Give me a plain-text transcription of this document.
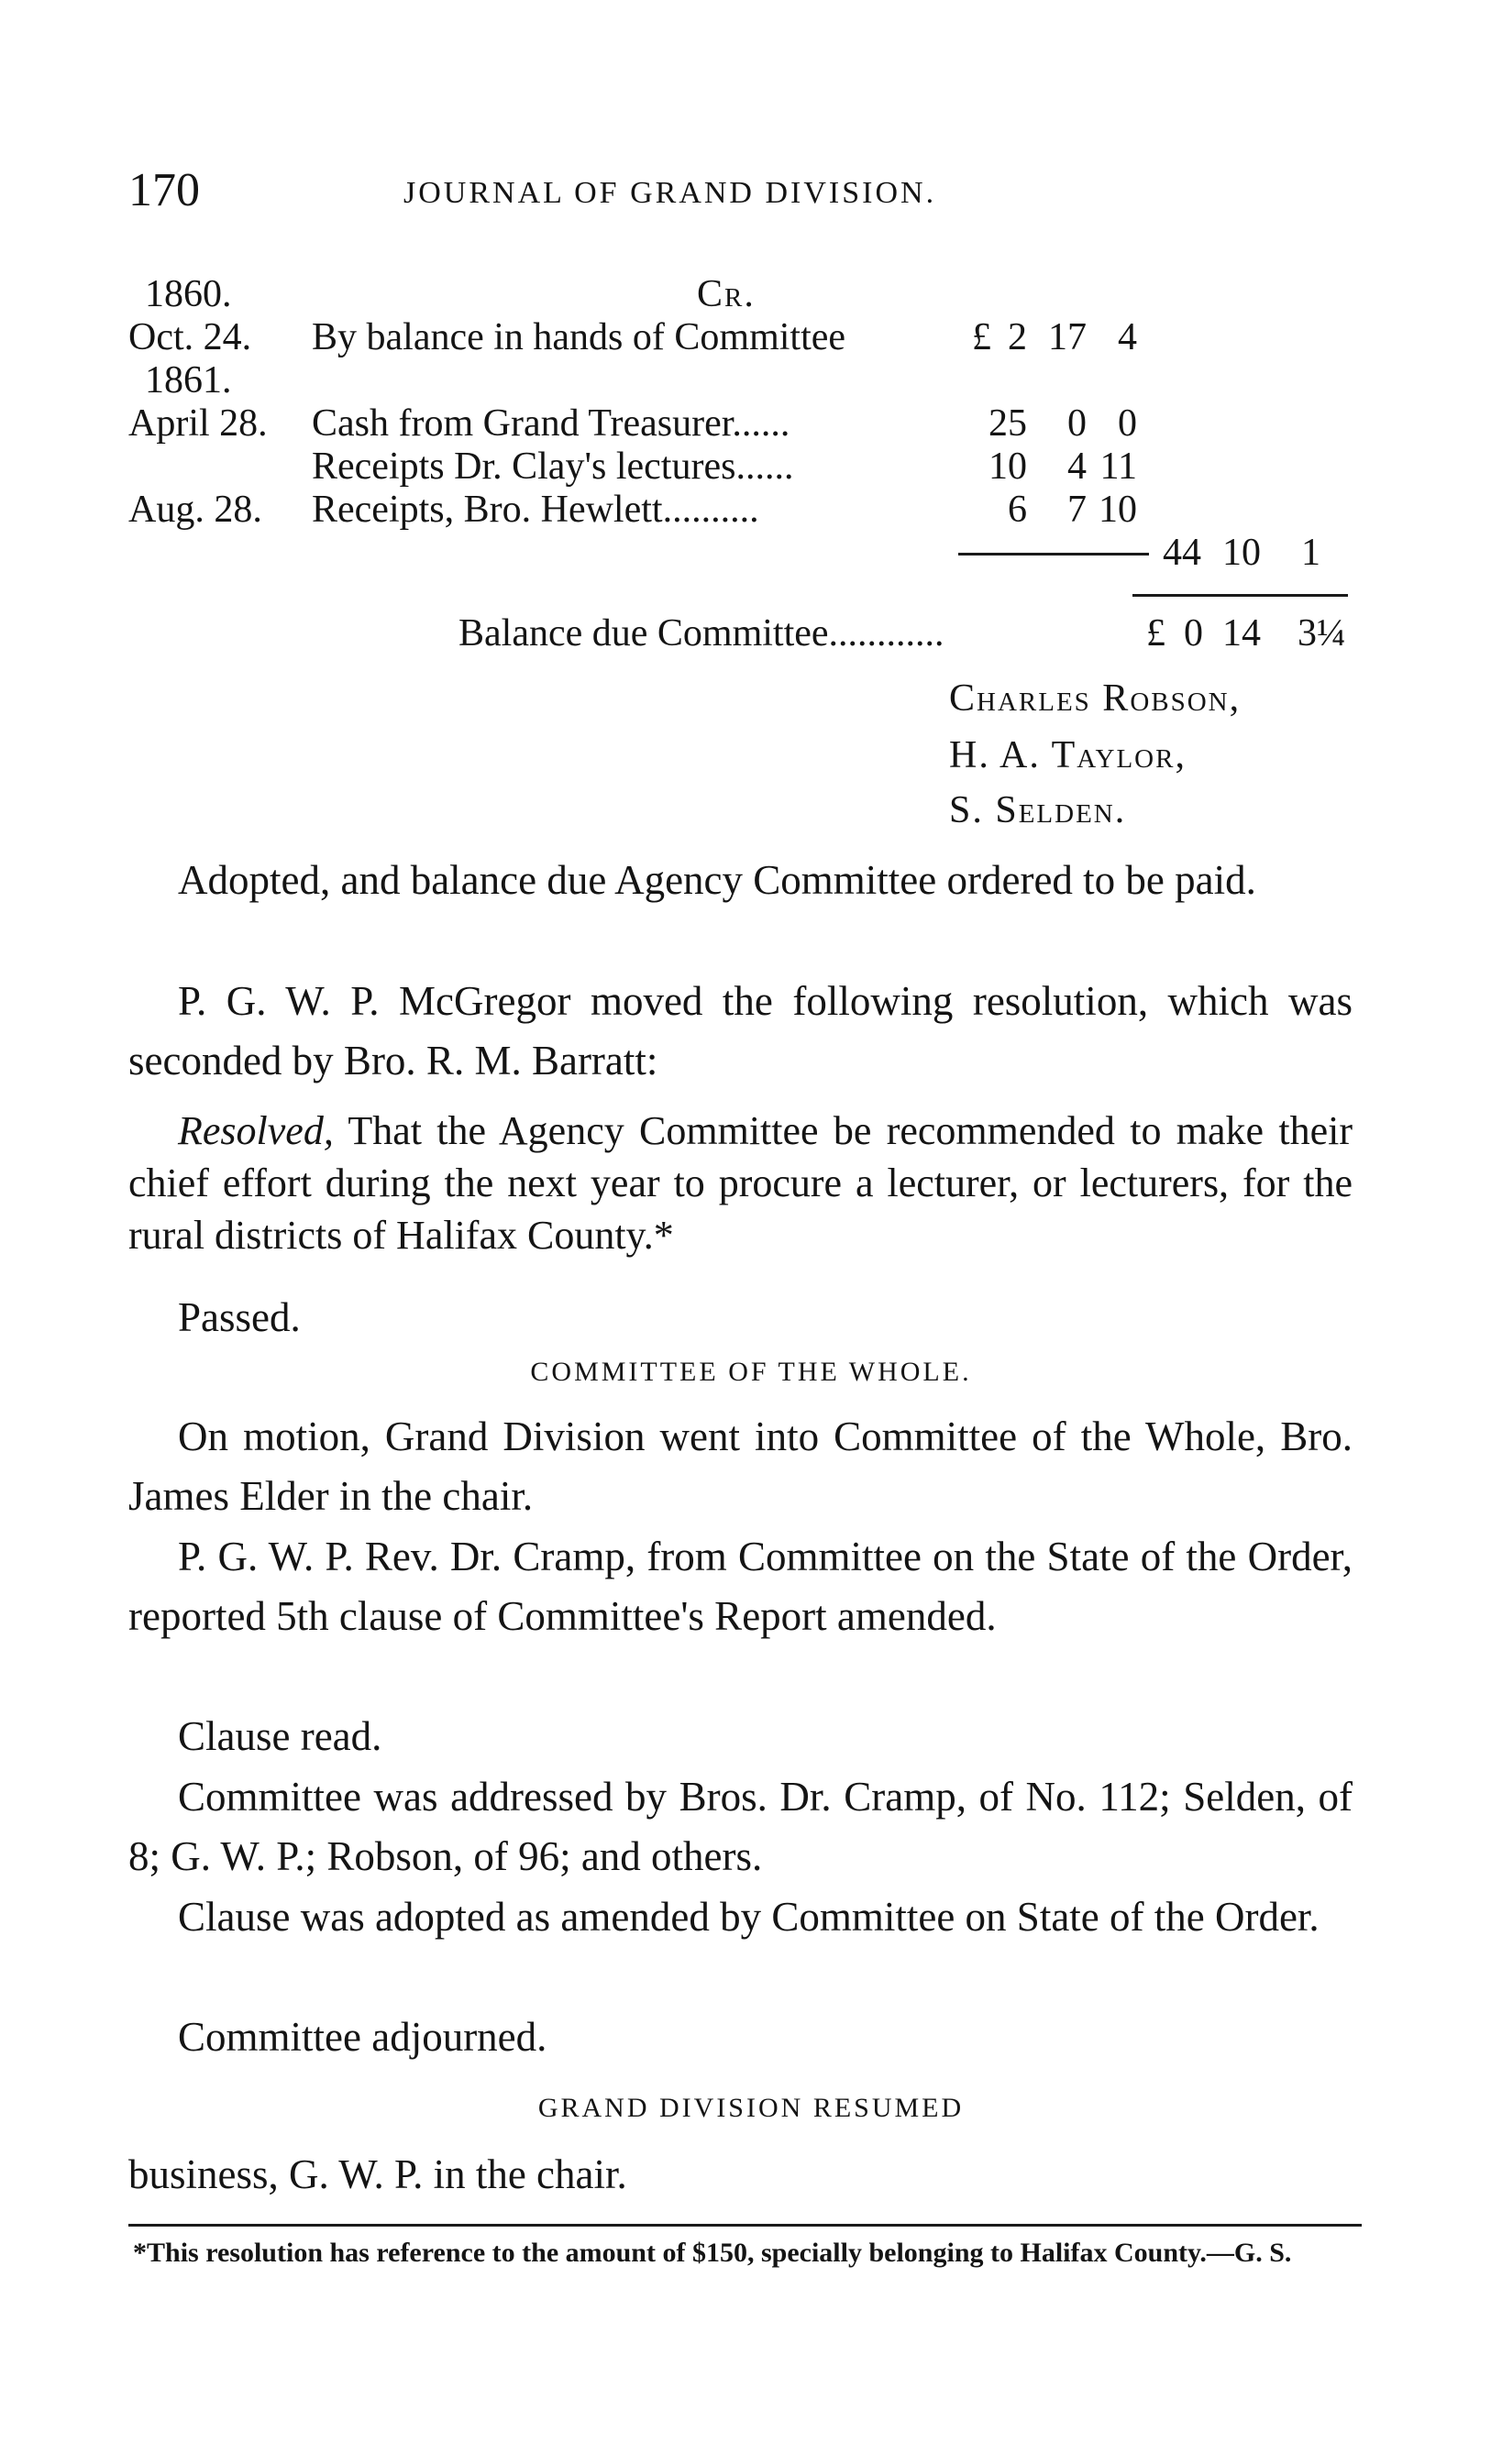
170	JOURNAL OF GRAND DIVISION.
1860.	Cr.
Oct. 24. By balance in hands of Committee	£ 2 17 4
1861.
April 28. Cash from Grand Treasurer......	25	0 0
Receipts Dr. Clay's lectures......	10	4 11
Aug. 28. Receipts, Bro. Hewlett..........	6	7 10
44 10	1
Balance due Committee............	£ 0 14 3¼
Charles Robson,
H. A. Taylor,
S. Selden.
Adopted, and balance due Agency Committee ordered to be paid.
P. G. W. P. McGregor moved the following resolution, which was seconded by Bro. R. M. Barratt:
Resolved, That the Agency Committee be recommended to make their chief effort during the next year to procure a lecturer, or lecturers, for the rural districts of Halifax County.*
Passed.
COMMITTEE OF THE WHOLE.
On motion, Grand Division went into Committee of the Whole, Bro. James Elder in the chair.
P. G. W. P. Rev. Dr. Cramp, from Committee on the State of the Order, reported 5th clause of Committee's Report amended.
Clause read.
Committee was addressed by Bros. Dr. Cramp, of No. 112; Selden, of 8; G. W. P.; Robson, of 96; and others.
Clause was adopted as amended by Committee on State of the Order.
Committee adjourned.
GRAND DIVISION RESUMED
business, G. W. P. in the chair.
*This resolution has reference to the amount of $150, specially belonging to Halifax County.—G. S.
